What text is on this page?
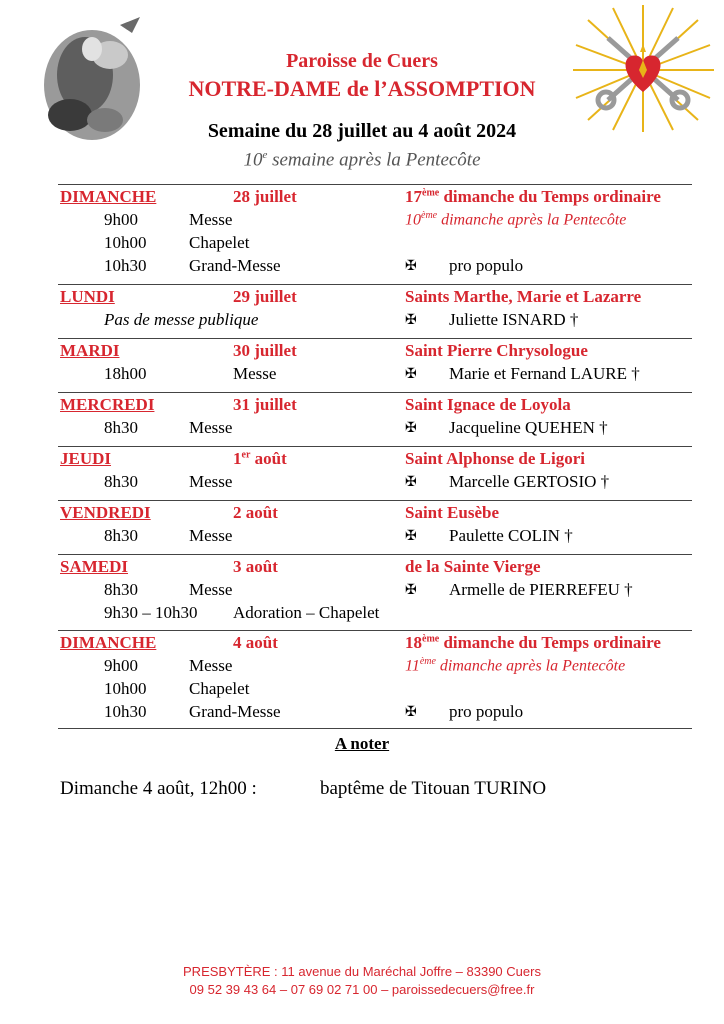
Paroisse de Cuers
NOTRE-DAME de l’ASSOMPTION
Semaine du 28 juillet au 4 août 2024
10e semaine après la Pentecôte
DIMANCHE	28 juillet	17ème dimanche du Temps ordinaire
9h00	Messe	10ème dimanche après la Pentecôte
10h00	Chapelet
10h30	Grand-Messe	✠ pro populo
LUNDI	29 juillet	Saints Marthe, Marie et Lazarre
Pas de messe publique	✠ Juliette ISNARD †
MARDI	30 juillet	Saint Pierre Chrysologue
18h00	Messe	✠ Marie et Fernand LAURE †
MERCREDI	31 juillet	Saint Ignace de Loyola
8h30	Messe	✠ Jacqueline QUEHEN †
JEUDI	1er août	Saint Alphonse de Ligori
8h30	Messe	✠ Marcelle GERTOSIO †
VENDREDI	2 août	Saint Eusèbe
8h30	Messe	✠ Paulette COLIN †
SAMEDI	3 août	de la Sainte Vierge
8h30	Messe	✠ Armelle de PIERREFEU †
9h30 – 10h30 Adoration – Chapelet
DIMANCHE	4 août	18ème dimanche du Temps ordinaire
9h00	Messe	11ème dimanche après la Pentecôte
10h00	Chapelet
10h30	Grand-Messe	✠ pro populo
A noter
Dimanche 4 août, 12h00 :	baptême de Titouan TURINO
PRESBYTÈRE : 11 avenue du Maréchal Joffre – 83390 Cuers
09 52 39 43 64 – 07 69 02 71 00 – paroissedecuers@free.fr
